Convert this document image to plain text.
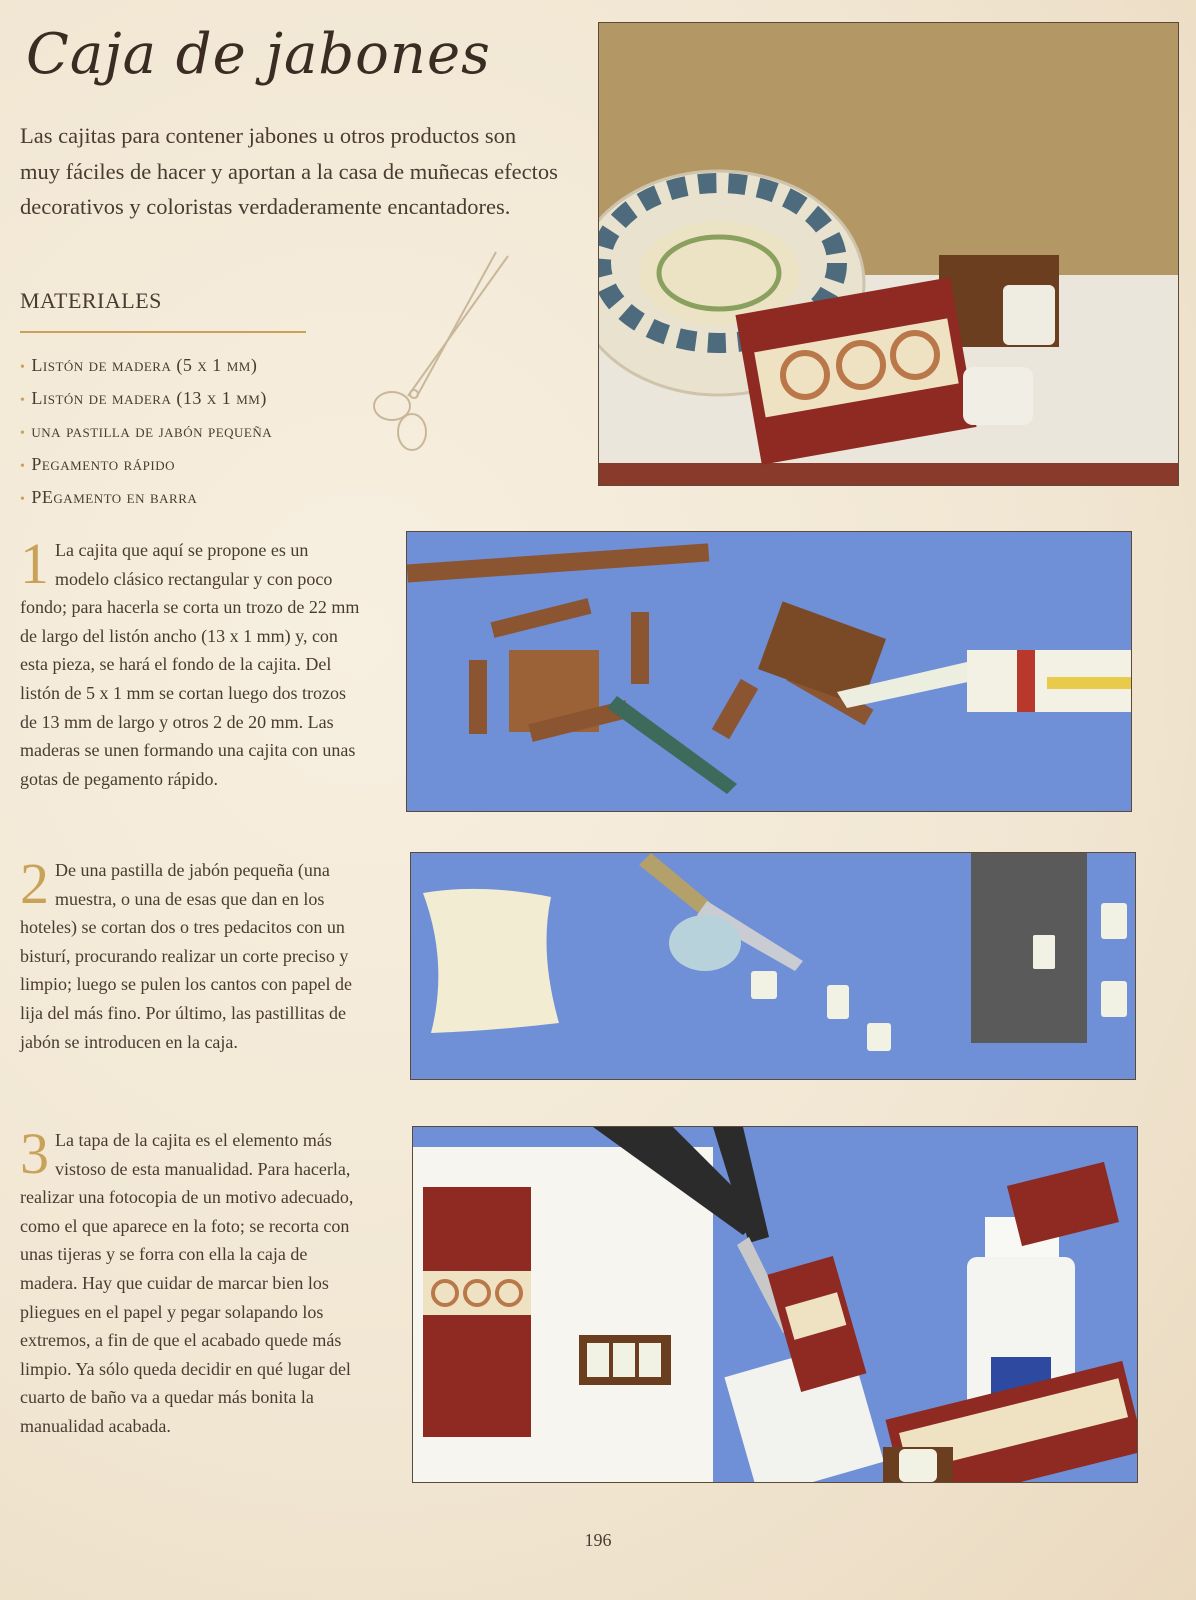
Caja de jabones

Las cajitas para contener jabones u otros productos son muy fáciles de hacer y aportan a la casa de muñecas efectos decorativos y coloristas verdaderamente encantadores.

MATERIALES
• Listón de madera (5 x 1 mm)
• Listón de madera (13 x 1 mm)
• una pastilla de jabón pequeña
• Pegamento rápido
• PEgamento en barra

1 La cajita que aquí se propone es un modelo clásico rectangular y con poco fondo; para hacerla se corta un trozo de 22 mm de largo del listón ancho (13 x 1 mm) y, con esta pieza, se hará el fondo de la cajita. Del listón de 5 x 1 mm se cortan luego dos trozos de 13 mm de largo y otros 2 de 20 mm. Las maderas se unen formando una cajita con unas gotas de pegamento rápido.

2 De una pastilla de jabón pequeña (una muestra, o una de esas que dan en los hoteles) se cortan dos o tres pedacitos con un bisturí, procurando realizar un corte preciso y limpio; luego se pulen los cantos con papel de lija del más fino. Por último, las pastillitas de jabón se introducen en la caja.

3 La tapa de la cajita es el elemento más vistoso de esta manualidad. Para hacerla, realizar una fotocopia de un motivo adecuado, como el que aparece en la foto; se recorta con unas tijeras y se forra con ella la caja de madera. Hay que cuidar de marcar bien los pliegues en el papel y pegar solapando los extremos, a fin de que el acabado quede más limpio. Ya sólo queda decidir en qué lugar del cuarto de baño va a quedar más bonita la manualidad acabada.

196
